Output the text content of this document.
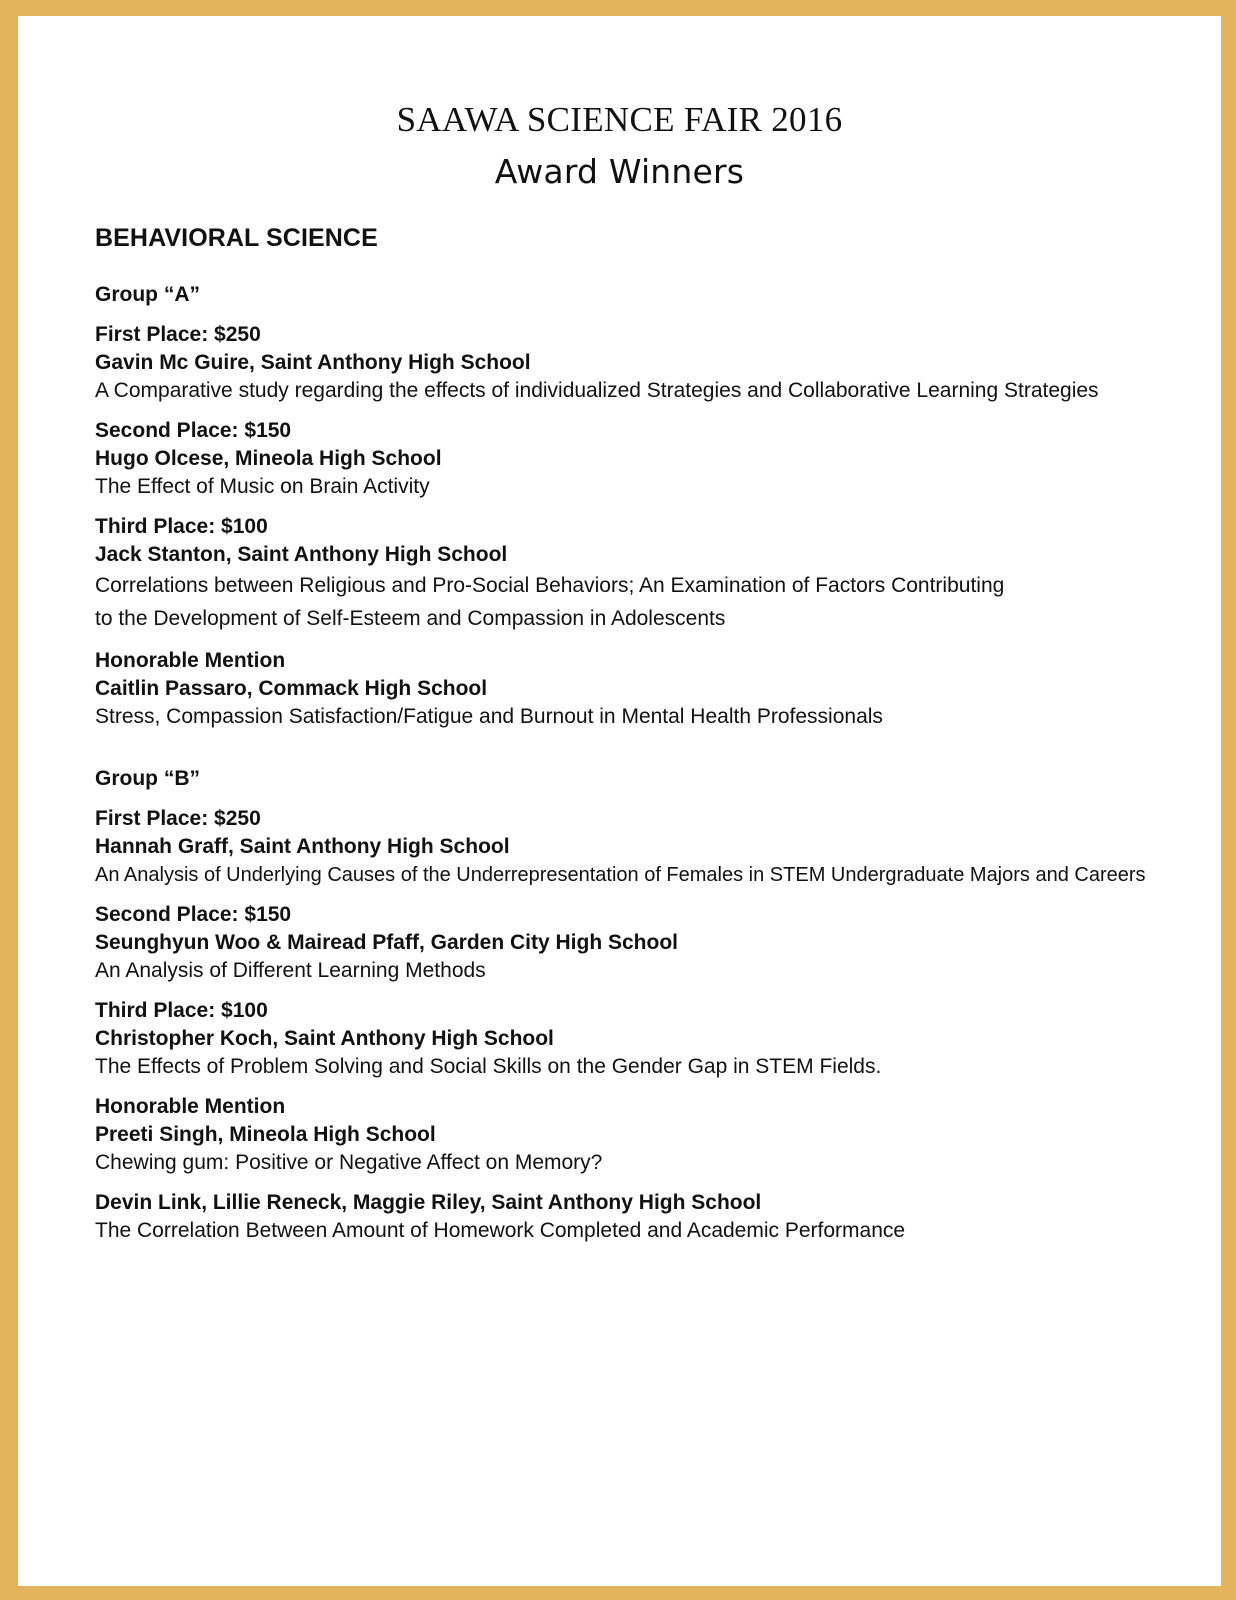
SAAWA SCIENCE FAIR 2016
Award Winners
BEHAVIORAL SCIENCE
Group “A”
First Place: $250
Gavin Mc Guire, Saint Anthony High School
A Comparative study regarding the effects of individualized Strategies and Collaborative Learning Strategies
Second Place: $150
Hugo Olcese, Mineola High School
The Effect of Music on Brain Activity
Third Place: $100
Jack Stanton, Saint Anthony High School
Correlations between Religious and Pro-Social Behaviors; An Examination of Factors Contributing to the Development of Self-Esteem and Compassion in Adolescents
Honorable Mention
Caitlin Passaro, Commack High School
Stress, Compassion Satisfaction/Fatigue and Burnout in Mental Health Professionals
Group “B”
First Place: $250
Hannah Graff, Saint Anthony High School
An Analysis of Underlying Causes of the Underrepresentation of Females in STEM Undergraduate Majors and Careers
Second Place: $150
Seunghyun Woo & Mairead Pfaff, Garden City High School
An Analysis of Different Learning Methods
Third Place: $100
Christopher Koch, Saint Anthony High School
The Effects of Problem Solving and Social Skills on the Gender Gap in STEM Fields.
Honorable Mention
Preeti Singh, Mineola High School
Chewing gum: Positive or Negative Affect on Memory?
Devin Link, Lillie Reneck, Maggie Riley, Saint Anthony High School
The Correlation Between Amount of Homework Completed and Academic Performance
